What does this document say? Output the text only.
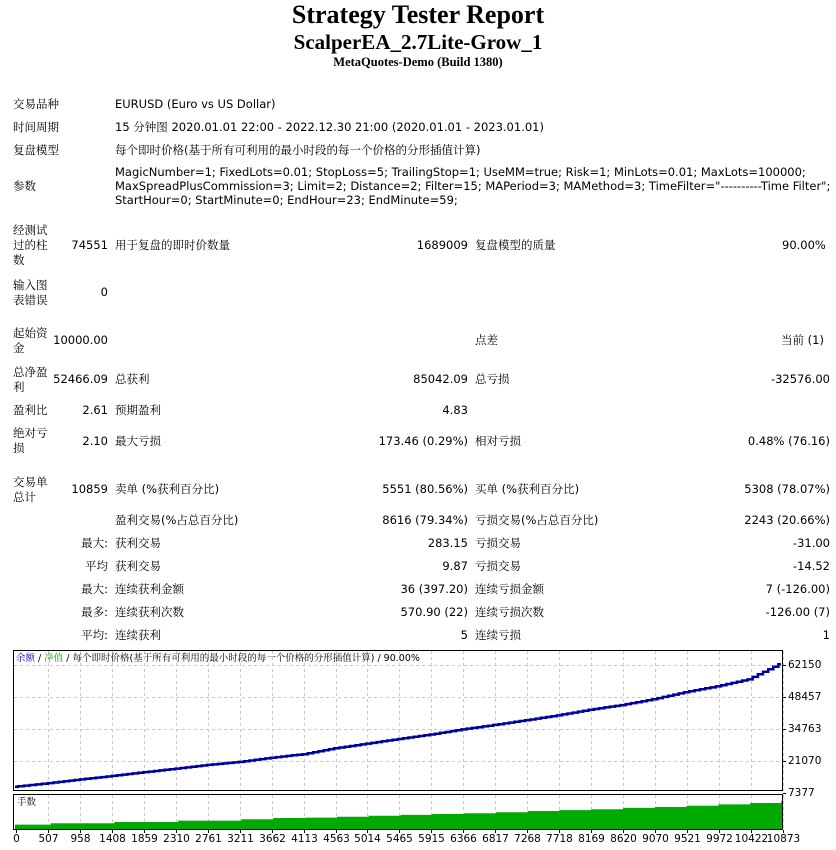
Strategy Tester Report
ScalperEA_2.7Lite-Grow_1
MetaQuotes-Demo (Build 1380)
交易品种	EURUSD (Euro vs US Dollar)
时间周期	15 分钟图 2020.01.01 22:00 - 2022.12.30 21:00 (2020.01.01 - 2023.01.01)
复盘模型	每个即时价格(基于所有可利用的最小时段的每一个价格的分形插值计算)
参数
MagicNumber=1; FixedLots=0.01; StopLoss=5; TrailingStop=1; UseMM=true; Risk=1; MinLots=0.01; MaxLots=100000;
MaxSpreadPlusCommission=3; Limit=2; Distance=2; Filter=15; MAPeriod=3; MAMethod=3; TimeFilter="----------Time Filter";
StartHour=0; StartMinute=0; EndHour=23; EndMinute=59;
经测试
过的柱
数
74551 用于复盘的即时价数量	1689009 复盘模型的质量	90.00%
输入图
表错误
0
起始资
金
10000.00	点差	当前 (1)
总净盈
利
52466.09 总获利	85042.09 总亏损	-32576.00
盈利比	2.61 预期盈利	4.83
绝对亏
损	2.10 最大亏损	173.46 (0.29%) 相对亏损	0.48% (76.16)
交易单
总计
10859 卖单 (%获利百分比)	5551 (80.56%) 买单 (%获利百分比)	5308 (78.07%)
盈利交易(%占总百分比)	8616 (79.34%) 亏损交易(%占总百分比)	2243 (20.66%)
最大: 获利交易	283.15 亏损交易	-31.00
平均 获利交易	9.87 亏损交易	-14.52
最大: 连续获利金额	36 (397.20) 连续亏损金额	7 (-126.00)
最多: 连续获利次数	570.90 (22) 连续亏损次数	-126.00 (7)
平均: 连续获利	5 连续亏损	1
余额 / 净值 / 每个即时价格(基于所有可利用的最小时段的每一个价格的分形插值计算) / 90.00%
手数
62150
48457
34763
21070
7377
0 507 958 1408 1859 2310 2761 3211 3662 4113 4563 5014 5465 5915 6366 6817 7268 7718 8169 8620 9070 9521 9972 10422
10873
